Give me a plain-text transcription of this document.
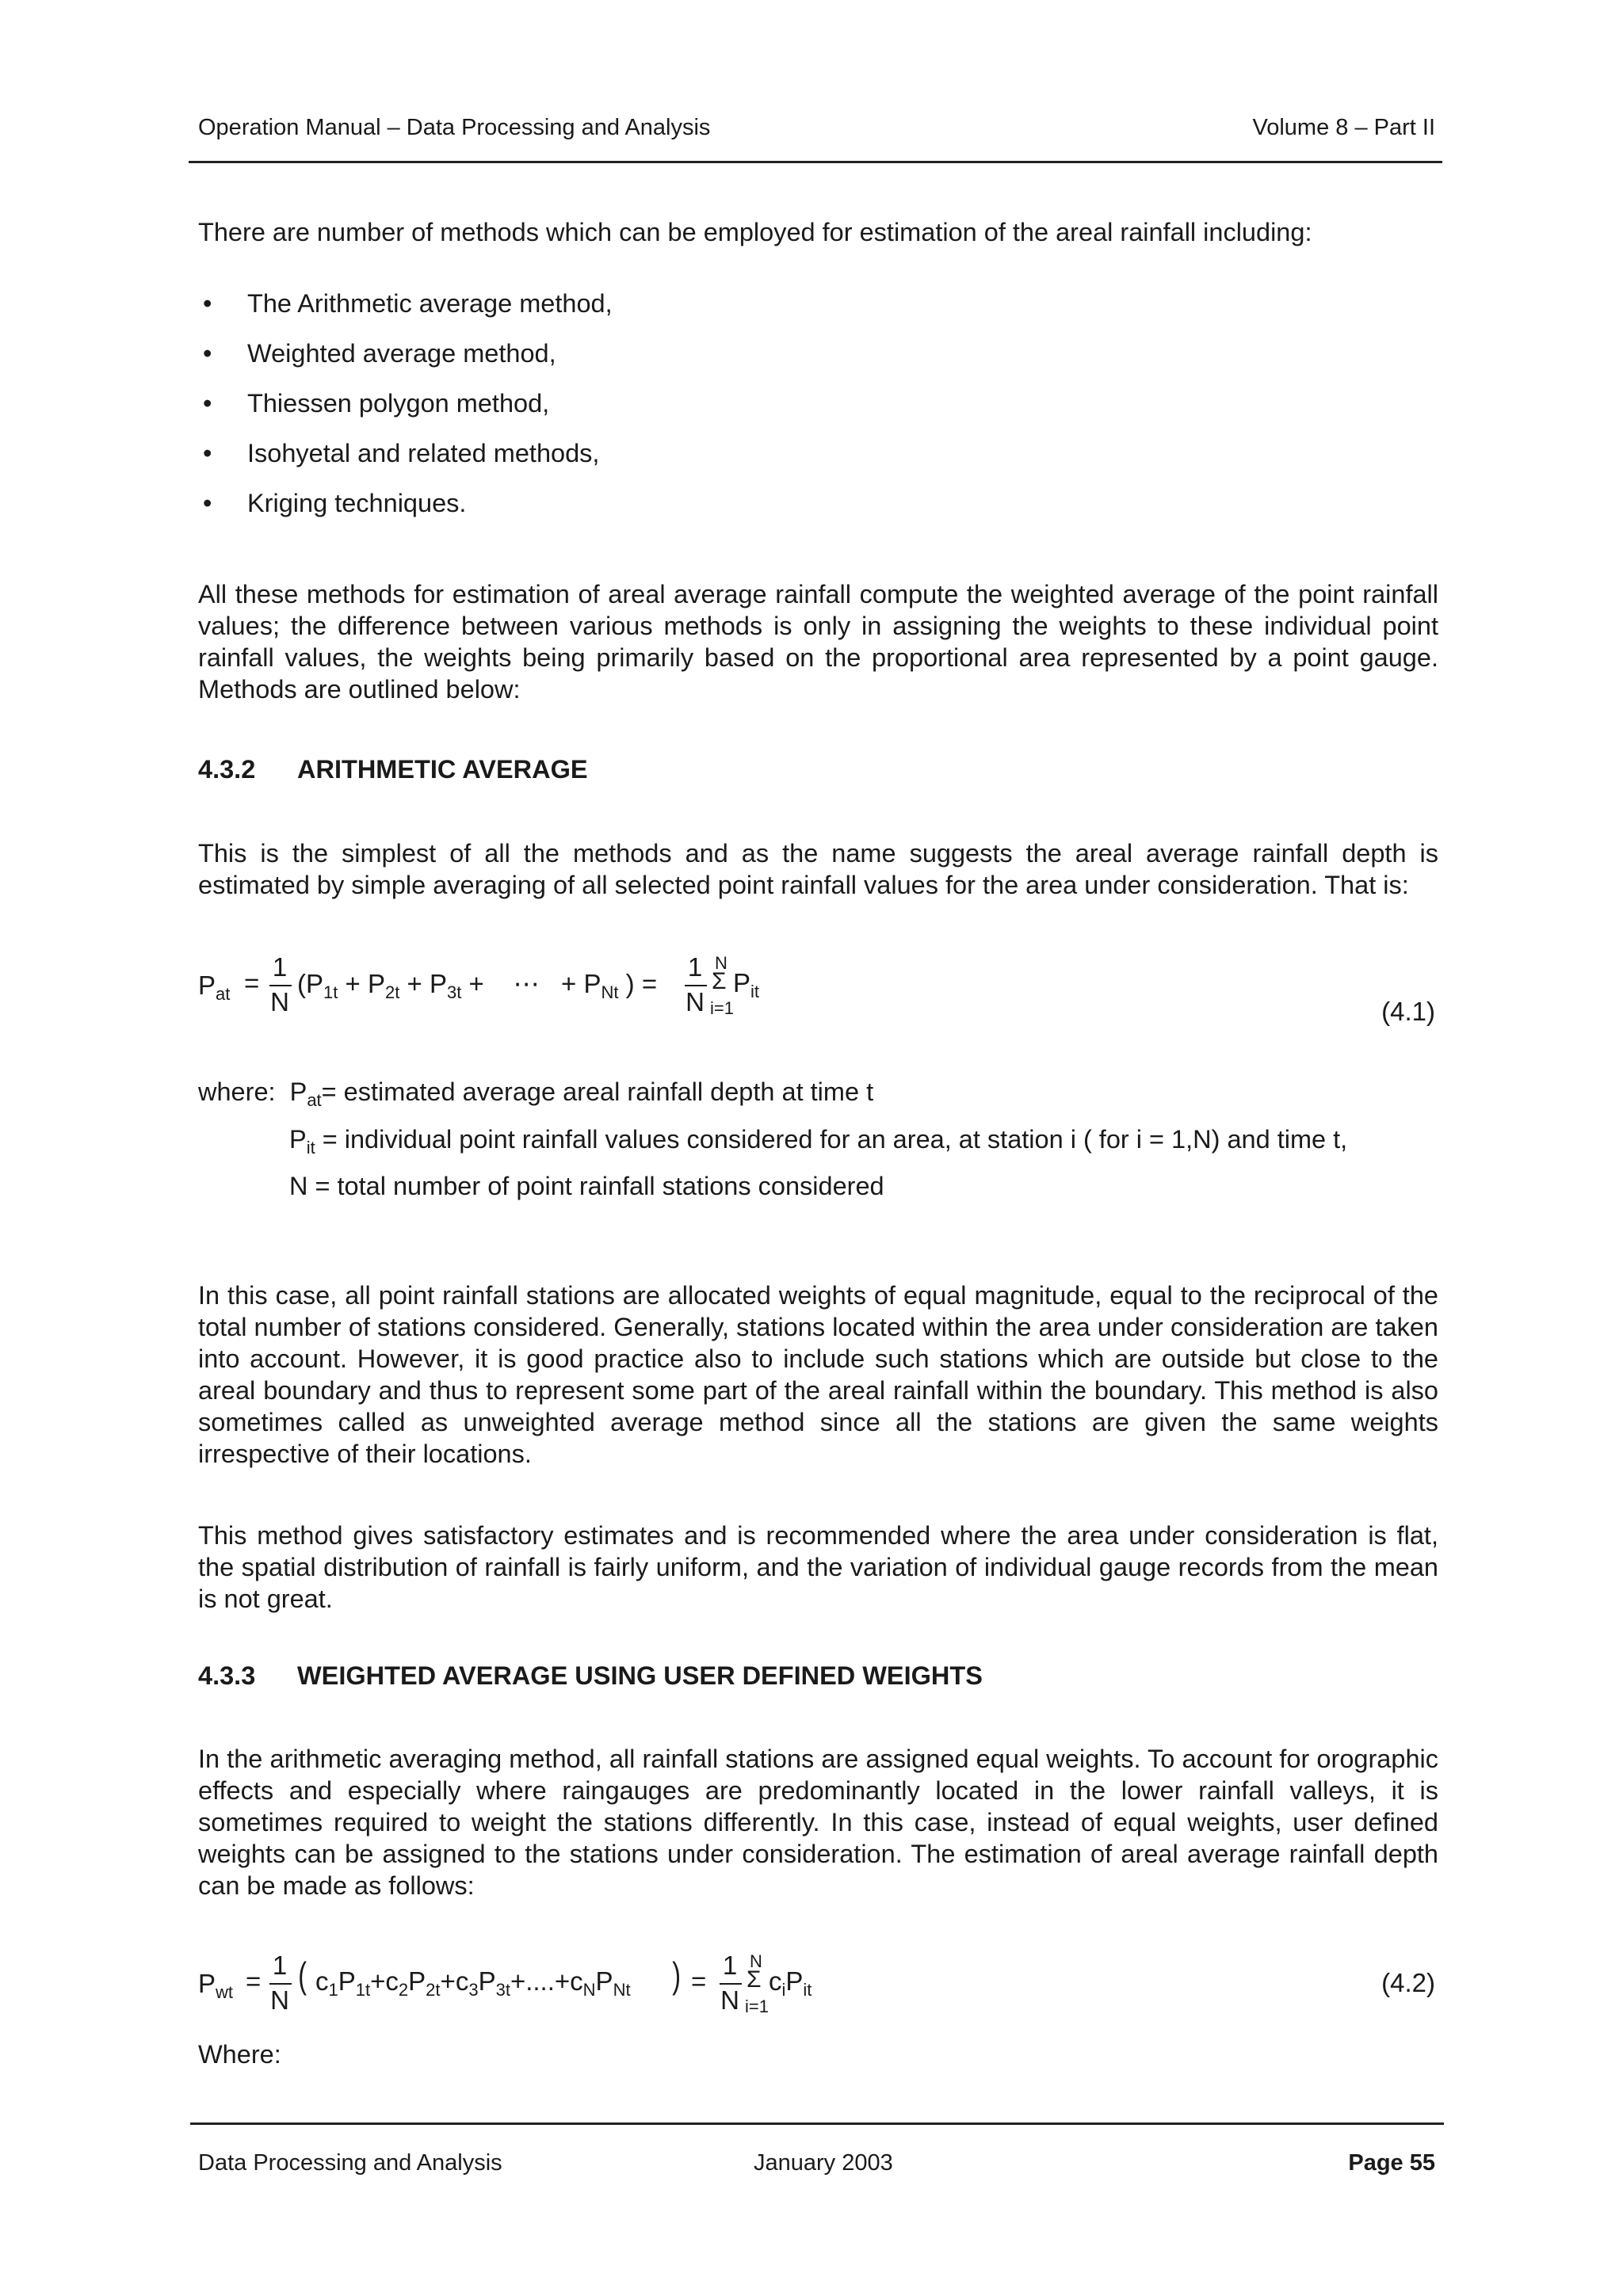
Operation Manual – Data Processing and Analysis	Volume 8 – Part II
There are number of methods which can be employed for estimation of the areal rainfall including:
• The Arithmetic average method,
• Weighted average method,
• Thiessen polygon method,
• Isohyetal and related methods,
• Kriging techniques.
All these methods for estimation of areal average rainfall compute the weighted average of the point rainfall values; the difference between various methods is only in assigning the weights to these individual point rainfall values, the weights being primarily based on the proportional area represented by a point gauge. Methods are outlined below:
4.3.2 ARITHMETIC AVERAGE
This is the simplest of all the methods and as the name suggests the areal average rainfall depth is estimated by simple averaging of all selected point rainfall values for the area under consideration. That is:
$P_{at}$ =
1
N
($P_{1t} + P_{2t} + P_{3t}$ + ⋯ + $P_{Nt}$ ) =
1
N
N
Σ
i=1
$P_{it}$
(4.1)
where: $P_{at}=$ estimated average areal rainfall depth at time t
$P_{it}$ = individual point rainfall values considered for an area, at station i ( for i = 1,N) and time t,
N = total number of point rainfall stations considered
In this case, all point rainfall stations are allocated weights of equal magnitude, equal to the reciprocal of the total number of stations considered. Generally, stations located within the area under consideration are taken into account. However, it is good practice also to include such stations which are outside but close to the areal boundary and thus to represent some part of the areal rainfall within the boundary. This method is also sometimes called as unweighted average method since all the stations are given the same weights irrespective of their locations.
This method gives satisfactory estimates and is recommended where the area under consideration is flat, the spatial distribution of rainfall is fairly uniform, and the variation of individual gauge records from the mean is not great.
4.3.3 WEIGHTED AVERAGE USING USER DEFINED WEIGHTS
In the arithmetic averaging method, all rainfall stations are assigned equal weights. To account for orographic effects and especially where raingauges are predominantly located in the lower rainfall valleys, it is sometimes required to weight the stations differently. In this case, instead of equal weights, user defined weights can be assigned to the stations under consideration. The estimation of areal average rainfall depth can be made as follows:
$P_{wt}$ =
1
N
( $c_1P_{1t}+c_2P_{2t}+c_3P_{3t}+....+c_NP_{Nt}$ ) =
1
N
N
Σ
i=1
$c_iP_{it}$	(4.2)
Where:
Data Processing and Analysis	January 2003	Page 55
